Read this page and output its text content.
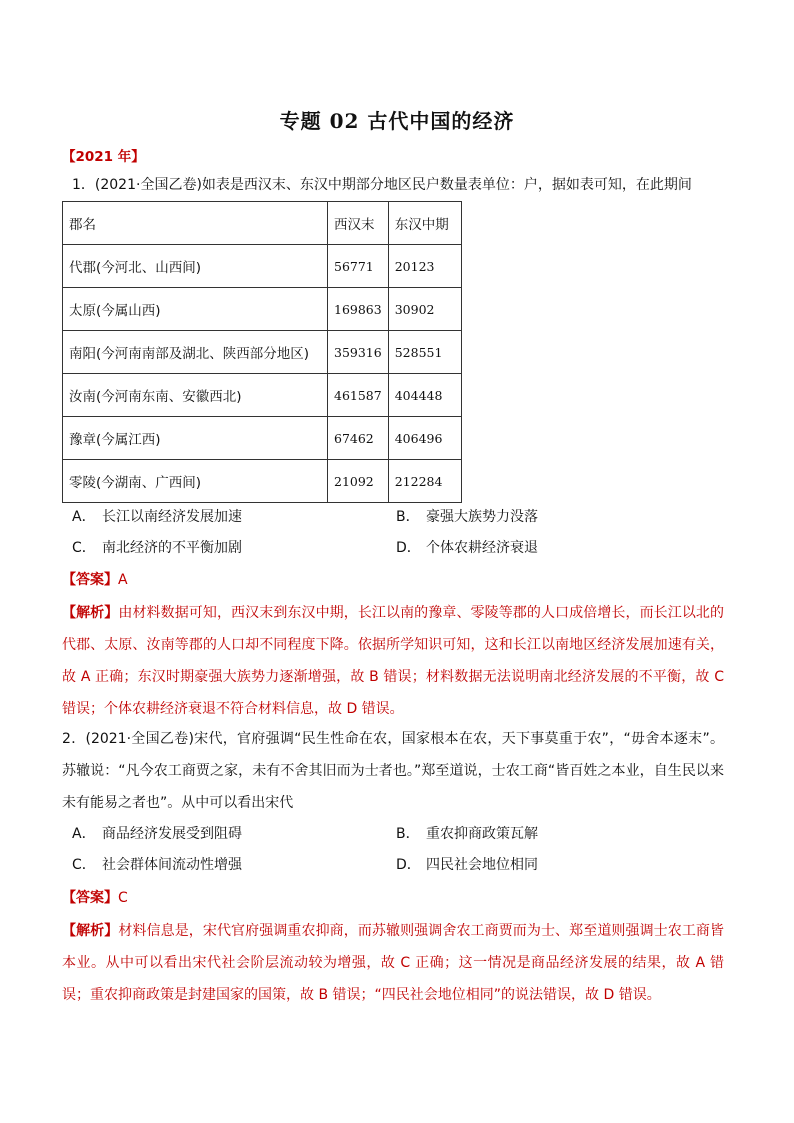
专题 02 古代中国的经济
【2021 年】
1．(2021·全国乙卷)如表是西汉末、东汉中期部分地区民户数量表单位：户，据如表可知，在此期间
郡名	西汉末	东汉中期
代郡(今河北、山西间)	56771	20123
太原(今属山西)	169863	30902
南阳(今河南南部及湖北、陕西部分地区)	359316	528551
汝南(今河南东南、安徽西北)	461587	404448
豫章(今属江西)	67462	406496
零陵(今湖南、广西间)	21092	212284
A． 长江以南经济发展加速	B． 豪强大族势力没落
C． 南北经济的不平衡加剧	D． 个体农耕经济衰退
【答案】A
【解析】由材料数据可知，西汉末到东汉中期，长江以南的豫章、零陵等郡的人口成倍增长，而长江以北的代郡、太原、汝南等郡的人口却不同程度下降。依据所学知识可知，这和长江以南地区经济发展加速有关，故 A 正确；东汉时期豪强大族势力逐渐增强，故 B 错误；材料数据无法说明南北经济发展的不平衡，故 C 错误；个体农耕经济衰退不符合材料信息，故 D 错误。
2．(2021·全国乙卷)宋代，官府强调“民生性命在农，国家根本在农，天下事莫重于农”，“毋舍本逐末”。苏辙说：“凡今农工商贾之家，未有不舍其旧而为士者也。”郑至道说，士农工商“皆百姓之本业，自生民以来未有能易之者也”。从中可以看出宋代
A． 商品经济发展受到阻碍	B． 重农抑商政策瓦解
C． 社会群体间流动性增强	D． 四民社会地位相同
【答案】C
【解析】材料信息是，宋代官府强调重农抑商，而苏辙则强调舍农工商贾而为士、郑至道则强调士农工商皆本业。从中可以看出宋代社会阶层流动较为增强，故 C 正确；这一情况是商品经济发展的结果，故 A 错误；重农抑商政策是封建国家的国策，故 B 错误；“四民社会地位相同”的说法错误，故 D 错误。
